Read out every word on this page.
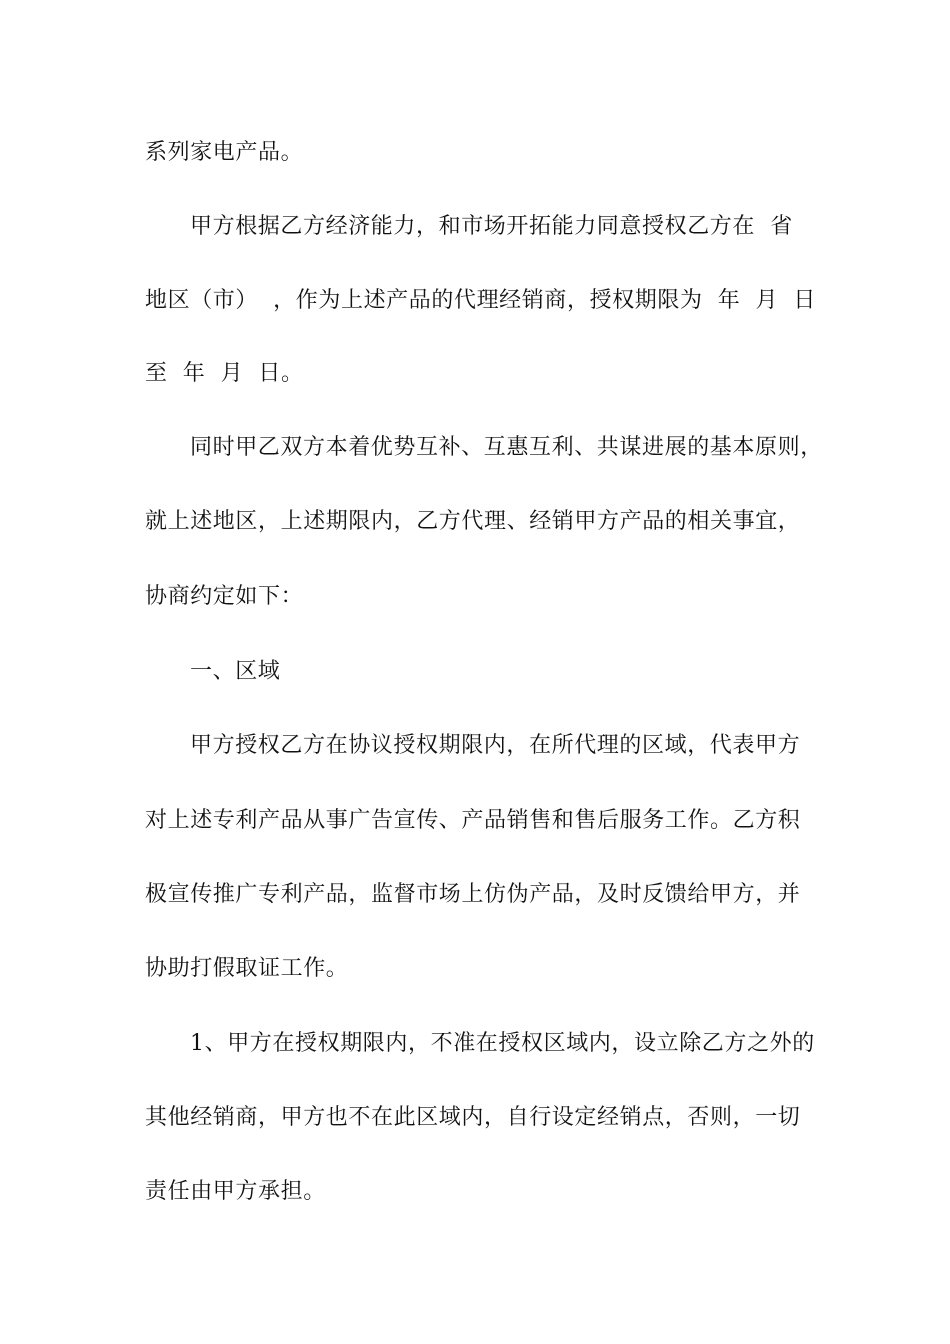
系列家电产品。

甲方根据乙方经济能力，和市场开拓能力同意授权乙方在  省

地区（市）  ，作为上述产品的代理经销商，授权期限为  年  月  日

至  年  月  日。

同时甲乙双方本着优势互补、互惠互利、共谋进展的基本原则，

就上述地区，上述期限内，乙方代理、经销甲方产品的相关事宜，

协商约定如下：

一、区域

甲方授权乙方在协议授权期限内，在所代理的区域，代表甲方

对上述专利产品从事广告宣传、产品销售和售后服务工作。乙方积

极宣传推广专利产品，监督市场上仿伪产品，及时反馈给甲方，并

协助打假取证工作。

1、甲方在授权期限内，不准在授权区域内，设立除乙方之外的

其他经销商，甲方也不在此区域内，自行设定经销点，否则，一切

责任由甲方承担。
